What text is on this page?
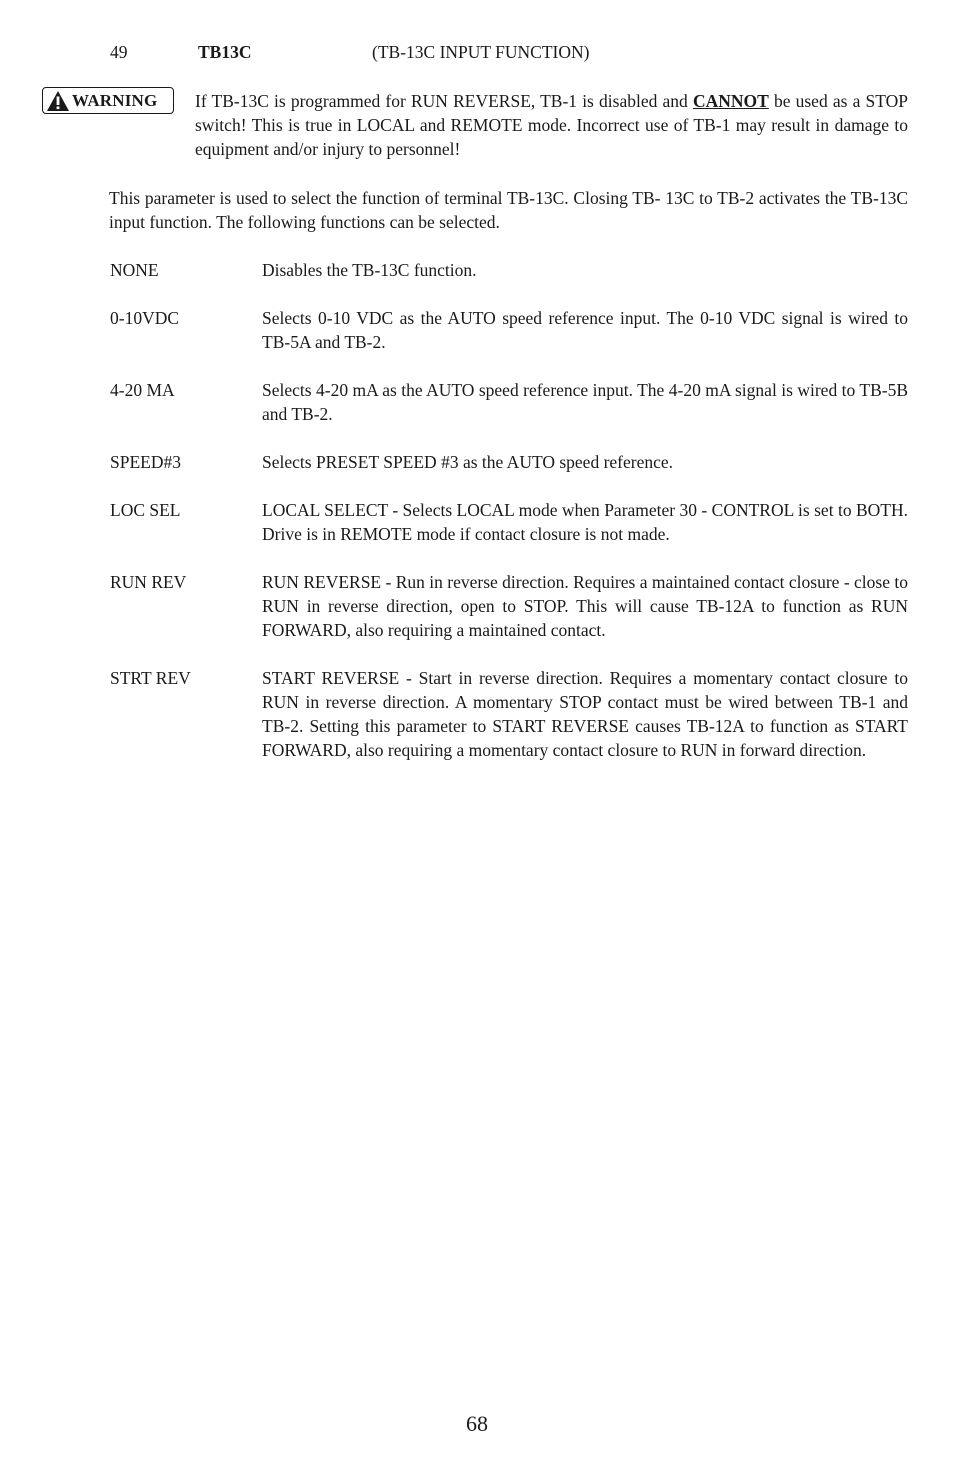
49	TB13C	(TB-13C INPUT FUNCTION)
WARNING If TB-13C is programmed for RUN REVERSE, TB-1 is disabled and CANNOT be used as a STOP switch! This is true in LOCAL and REMOTE mode. Incorrect use of TB-1 may result in damage to equipment and/or injury to personnel!
This parameter is used to select the function of terminal TB-13C. Closing TB- 13C to TB-2 activates the TB-13C input function. The following functions can be selected.
NONE	Disables the TB-13C function.
0-10VDC	Selects 0-10 VDC as the AUTO speed reference input. The 0-10 VDC signal is wired to TB-5A and TB-2.
4-20 MA	Selects 4-20 mA as the AUTO speed reference input. The 4-20 mA signal is wired to TB-5B and TB-2.
SPEED#3	Selects PRESET SPEED #3 as the AUTO speed reference.
LOC SEL	LOCAL SELECT - Selects LOCAL mode when Parameter 30 - CONTROL is set to BOTH. Drive is in REMOTE mode if contact closure is not made.
RUN REV	RUN REVERSE - Run in reverse direction. Requires a maintained contact closure - close to RUN in reverse direction, open to STOP. This will cause TB-12A to function as RUN FORWARD, also requiring a maintained contact.
STRT REV	START REVERSE - Start in reverse direction. Requires a momentary contact closure to RUN in reverse direction. A momentary STOP contact must be wired between TB-1 and TB-2. Setting this parameter to START REVERSE causes TB-12A to function as START FORWARD, also requiring a momentary contact closure to RUN in forward direction.
68
